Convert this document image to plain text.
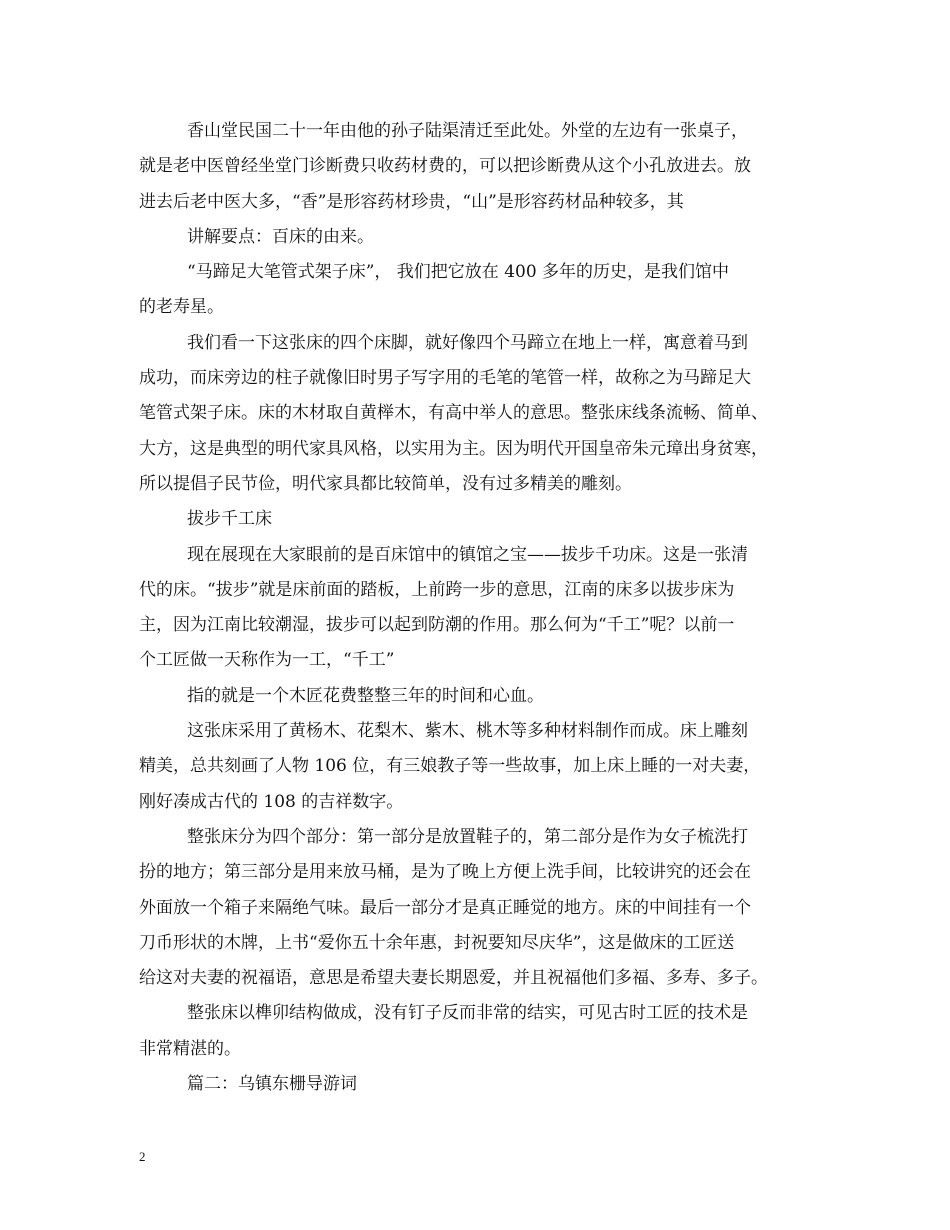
香山堂民国二十一年由他的孙子陆渠清迁至此处。外堂的左边有一张桌子，
就是老中医曾经坐堂门诊断费只收药材费的，可以把诊断费从这个小孔放进去。放
进去后老中医大多，“香”是形容药材珍贵，“山”是形容药材品种较多，其

讲解要点：百床的由来。

“马蹄足大笔管式架子床”， 我们把它放在 400 多年的历史，是我们馆中
的老寿星。

我们看一下这张床的四个床脚，就好像四个马蹄立在地上一样，寓意着马到
成功，而床旁边的柱子就像旧时男子写字用的毛笔的笔管一样，故称之为马蹄足大
笔管式架子床。床的木材取自黄榉木，有高中举人的意思。整张床线条流畅、简单、
大方，这是典型的明代家具风格，以实用为主。因为明代开国皇帝朱元璋出身贫寒，
所以提倡子民节俭，明代家具都比较简单，没有过多精美的雕刻。

拔步千工床

现在展现在大家眼前的是百床馆中的镇馆之宝——拔步千功床。这是一张清
代的床。“拔步”就是床前面的踏板，上前跨一步的意思，江南的床多以拔步床为
主，因为江南比较潮湿，拔步可以起到防潮的作用。那么何为“千工”呢？以前一
个工匠做一天称作为一工，“千工”

指的就是一个木匠花费整整三年的时间和心血。

这张床采用了黄杨木、花梨木、紫木、桃木等多种材料制作而成。床上雕刻
精美，总共刻画了人物 106 位，有三娘教子等一些故事，加上床上睡的一对夫妻，
刚好凑成古代的 108 的吉祥数字。

整张床分为四个部分：第一部分是放置鞋子的，第二部分是作为女子梳洗打
扮的地方；第三部分是用来放马桶，是为了晚上方便上洗手间，比较讲究的还会在
外面放一个箱子来隔绝气味。最后一部分才是真正睡觉的地方。床的中间挂有一个
刀币形状的木牌，上书“爱你五十余年惠，封祝要知尽庆华”，这是做床的工匠送
给这对夫妻的祝福语，意思是希望夫妻长期恩爱，并且祝福他们多福、多寿、多子。

整张床以榫卯结构做成，没有钉子反而非常的结实，可见古时工匠的技术是
非常精湛的。

篇二：乌镇东栅导游词

2
